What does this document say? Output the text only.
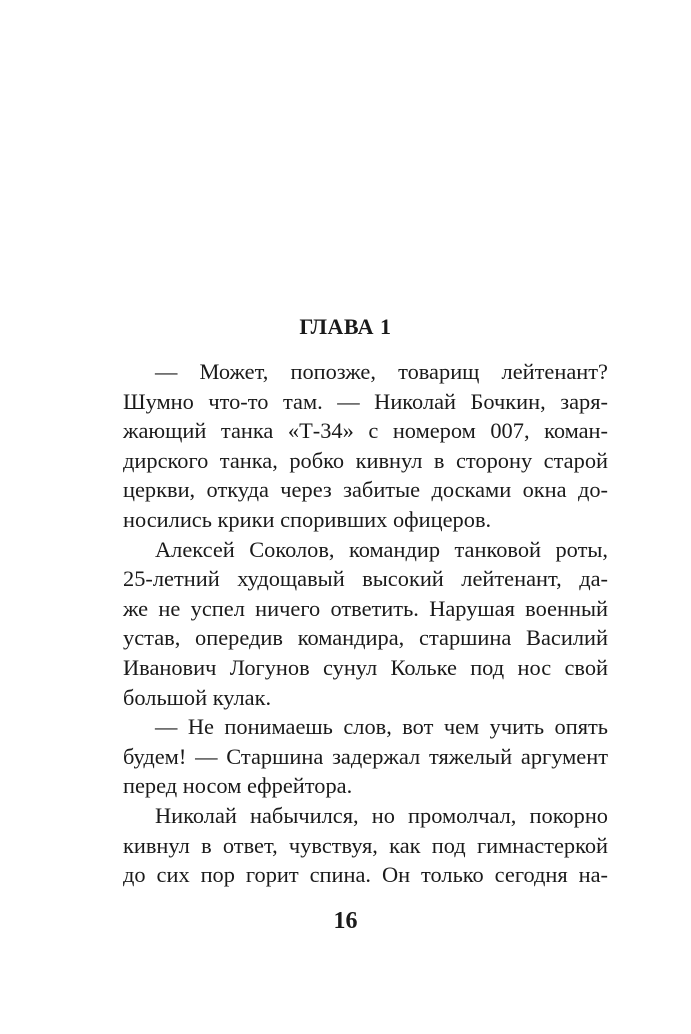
ГЛАВА 1

— Может, попозже, товарищ лейтенант?
Шумно что-то там. — Николай Бочкин, заря-
жающий танка «Т-34» с номером 007, коман-
дирского танка, робко кивнул в сторону старой
церкви, откуда через забитые досками окна до-
носились крики споривших офицеров.

Алексей Соколов, командир танковой роты,
25-летний худощавый высокий лейтенант, да-
же не успел ничего ответить. Нарушая военный
устав, опередив командира, старшина Василий
Иванович Логунов сунул Кольке под нос свой
большой кулак.

— Не понимаешь слов, вот чем учить опять
будем! — Старшина задержал тяжелый аргумент
перед носом ефрейтора.

Николай набычился, но промолчал, покорно
кивнул в ответ, чувствуя, как под гимнастеркой
до сих пор горит спина. Он только сегодня на-

16
